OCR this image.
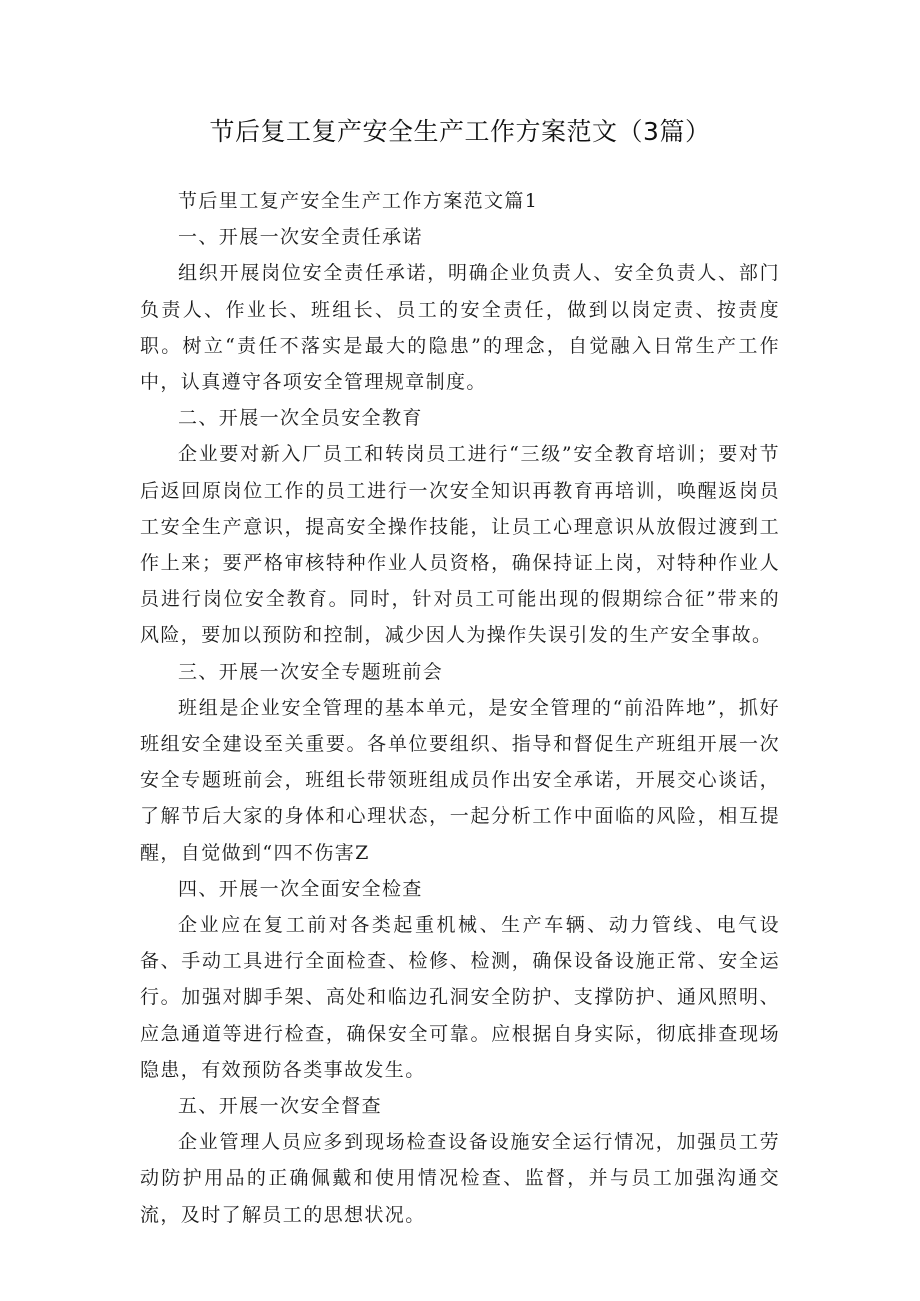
节后复工复产安全生产工作方案范文（3篇）

节后里工复产安全生产工作方案范文篇1

一、开展一次安全责任承诺

组织开展岗位安全责任承诺，明确企业负责人、安全负责人、部门负责人、作业长、班组长、员工的安全责任，做到以岗定责、按责度职。树立“责任不落实是最大的隐患”的理念，自觉融入日常生产工作中，认真遵守各项安全管理规章制度。

二、开展一次全员安全教育

企业要对新入厂员工和转岗员工进行“三级”安全教育培训；要对节后返回原岗位工作的员工进行一次安全知识再教育再培训，唤醒返岗员工安全生产意识，提高安全操作技能，让员工心理意识从放假过渡到工作上来；要严格审核特种作业人员资格，确保持证上岗，对特种作业人员进行岗位安全教育。同时，针对员工可能出现的假期综合征”带来的风险，要加以预防和控制，减少因人为操作失误引发的生产安全事故。

三、开展一次安全专题班前会

班组是企业安全管理的基本单元，是安全管理的“前沿阵地”，抓好班组安全建设至关重要。各单位要组织、指导和督促生产班组开展一次安全专题班前会，班组长带领班组成员作出安全承诺，开展交心谈话，了解节后大家的身体和心理状态，一起分析工作中面临的风险，相互提醒，自觉做到“四不伤害Z

四、开展一次全面安全检查

企业应在复工前对各类起重机械、生产车辆、动力管线、电气设备、手动工具进行全面检查、检修、检测，确保设备设施正常、安全运行。加强对脚手架、高处和临边孔洞安全防护、支撑防护、通风照明、应急通道等进行检查，确保安全可靠。应根据自身实际，彻底排查现场隐患，有效预防各类事故发生。

五、开展一次安全督查

企业管理人员应多到现场检查设备设施安全运行情况，加强员工劳动防护用品的正确佩戴和使用情况检查、监督，并与员工加强沟通交流，及时了解员工的思想状况。
